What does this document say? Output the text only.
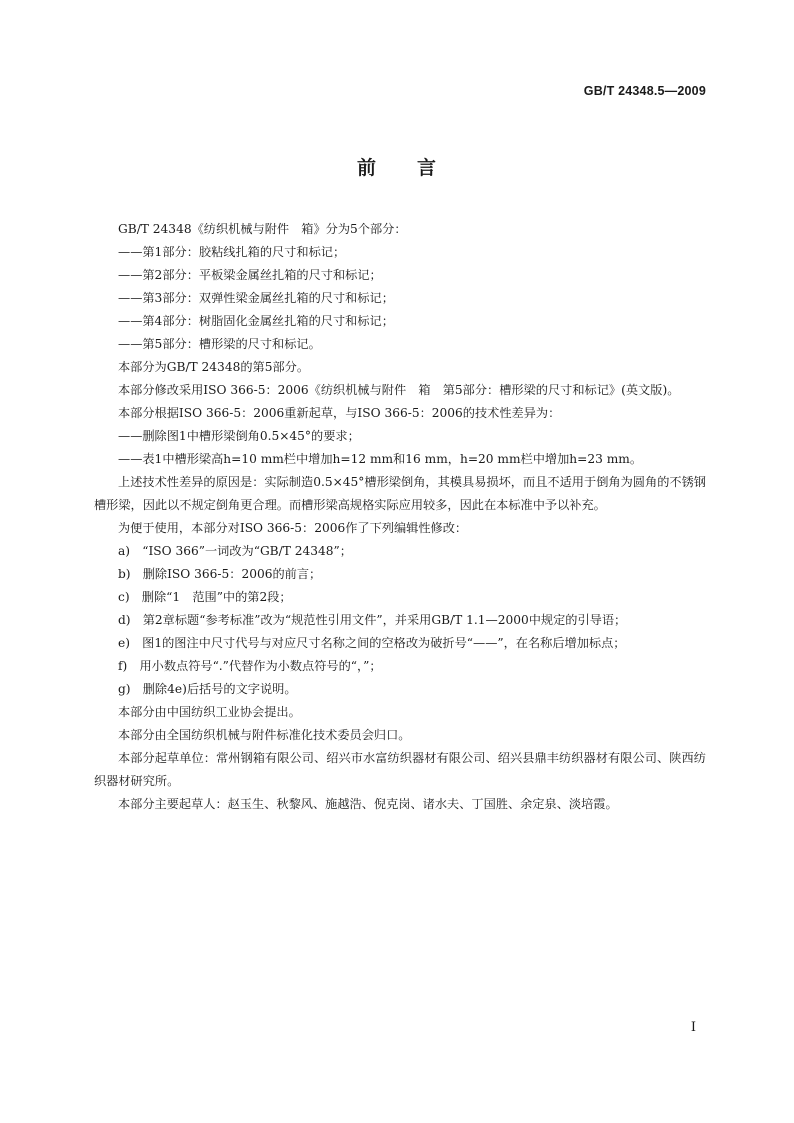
GB/T 24348.5—2009
前 言

GB/T 24348《纺织机械与附件　箱》分为5个部分：

——第1部分：胶粘线扎箱的尺寸和标记；

——第2部分：平板梁金属丝扎箱的尺寸和标记；

——第3部分：双弹性梁金属丝扎箱的尺寸和标记；

——第4部分：树脂固化金属丝扎箱的尺寸和标记；

——第5部分：槽形梁的尺寸和标记。

本部分为GB/T 24348的第5部分。

本部分修改采用ISO 366-5：2006《纺织机械与附件　箱　第5部分：槽形梁的尺寸和标记》(英文版)。

本部分根据ISO 366-5：2006重新起草，与ISO 366-5：2006的技术性差异为：

——删除图1中槽形梁倒角0.5×45°的要求；

——表1中槽形梁高h=10 mm栏中增加h=12 mm和16 mm，h=20 mm栏中增加h=23 mm。

上述技术性差异的原因是：实际制造0.5×45°槽形梁倒角，其模具易损坏，而且不适用于倒角为圆角的不锈钢槽形梁，因此以不规定倒角更合理。而槽形梁高规格实际应用较多，因此在本标准中予以补充。

为便于使用，本部分对ISO 366-5：2006作了下列编辑性修改：

a)　“ISO 366”一词改为“GB/T 24348”；

b)　删除ISO 366-5：2006的前言；

c)　删除“1　范围”中的第2段；

d)　第2章标题“参考标准”改为“规范性引用文件”，并采用GB/T 1.1—2000中规定的引导语；

e)　图1的图注中尺寸代号与对应尺寸名称之间的空格改为破折号“——”，在名称后增加标点；

f)　用小数点符号“.”代替作为小数点符号的“，”；

g)　删除4e)后括号的文字说明。

本部分由中国纺织工业协会提出。

本部分由全国纺织机械与附件标准化技术委员会归口。

本部分起草单位：常州钢箱有限公司、绍兴市水富纺织器材有限公司、绍兴县鼎丰纺织器材有限公司、陕西纺织器材研究所。

本部分主要起草人：赵玉生、秋黎风、施越浩、倪克岗、诸水夫、丁国胜、余定泉、淡培霞。

I
